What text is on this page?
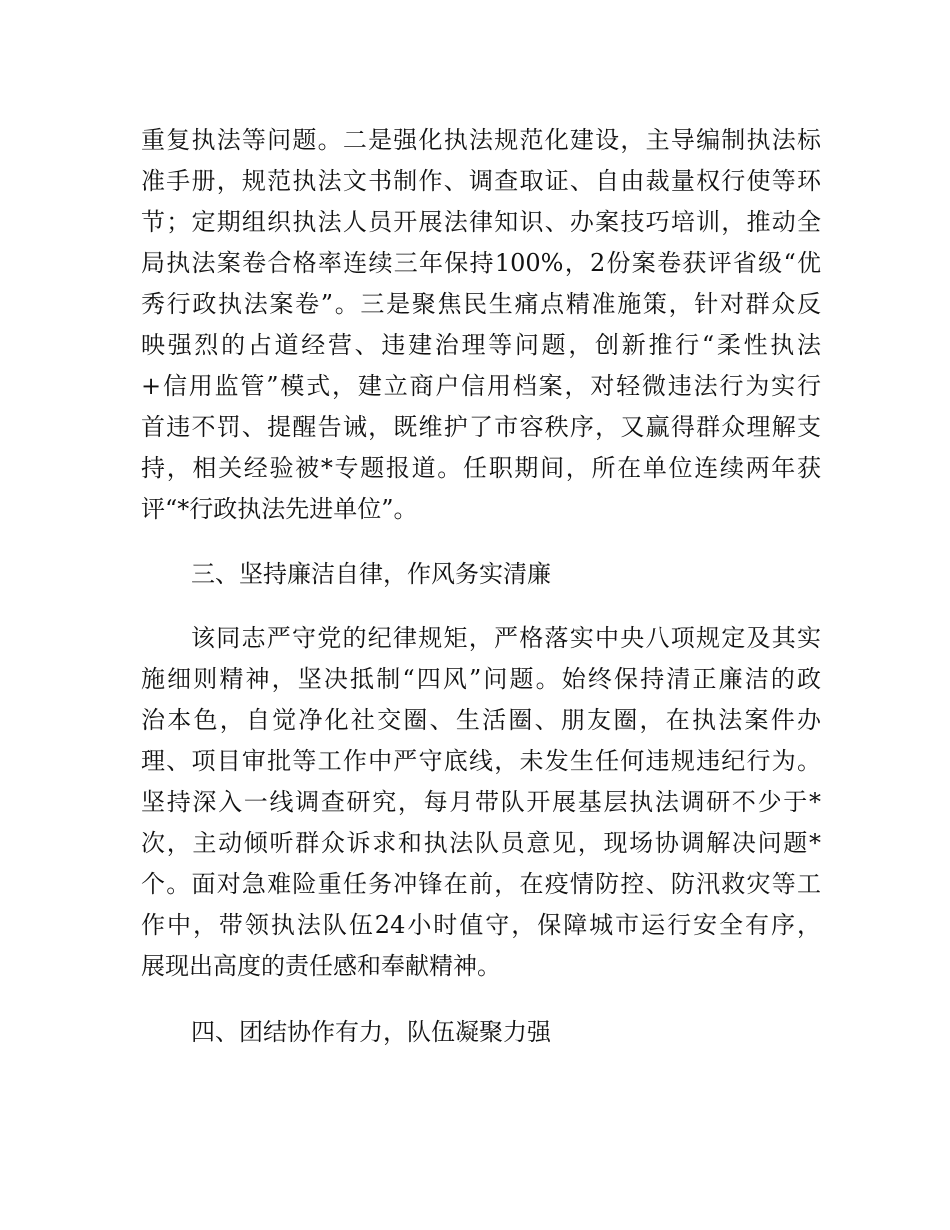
重复执法等问题。二是强化执法规范化建设，主导编制执法标
准手册，规范执法文书制作、调查取证、自由裁量权行使等环
节；定期组织执法人员开展法律知识、办案技巧培训，推动全
局执法案卷合格率连续三年保持100%，2份案卷获评省级“优
秀行政执法案卷”。三是聚焦民生痛点精准施策，针对群众反
映强烈的占道经营、违建治理等问题，创新推行“柔性执法
+信用监管”模式，建立商户信用档案，对轻微违法行为实行
首违不罚、提醒告诫，既维护了市容秩序，又赢得群众理解支
持，相关经验被*专题报道。任职期间，所在单位连续两年获
评“*行政执法先进单位”。
三、坚持廉洁自律，作风务实清廉
该同志严守党的纪律规矩，严格落实中央八项规定及其实
施细则精神，坚决抵制“四风”问题。始终保持清正廉洁的政
治本色，自觉净化社交圈、生活圈、朋友圈，在执法案件办
理、项目审批等工作中严守底线，未发生任何违规违纪行为。
坚持深入一线调查研究，每月带队开展基层执法调研不少于*
次，主动倾听群众诉求和执法队员意见，现场协调解决问题*
个。面对急难险重任务冲锋在前，在疫情防控、防汛救灾等工
作中，带领执法队伍24小时值守，保障城市运行安全有序，
展现出高度的责任感和奉献精神。
四、团结协作有力，队伍凝聚力强
